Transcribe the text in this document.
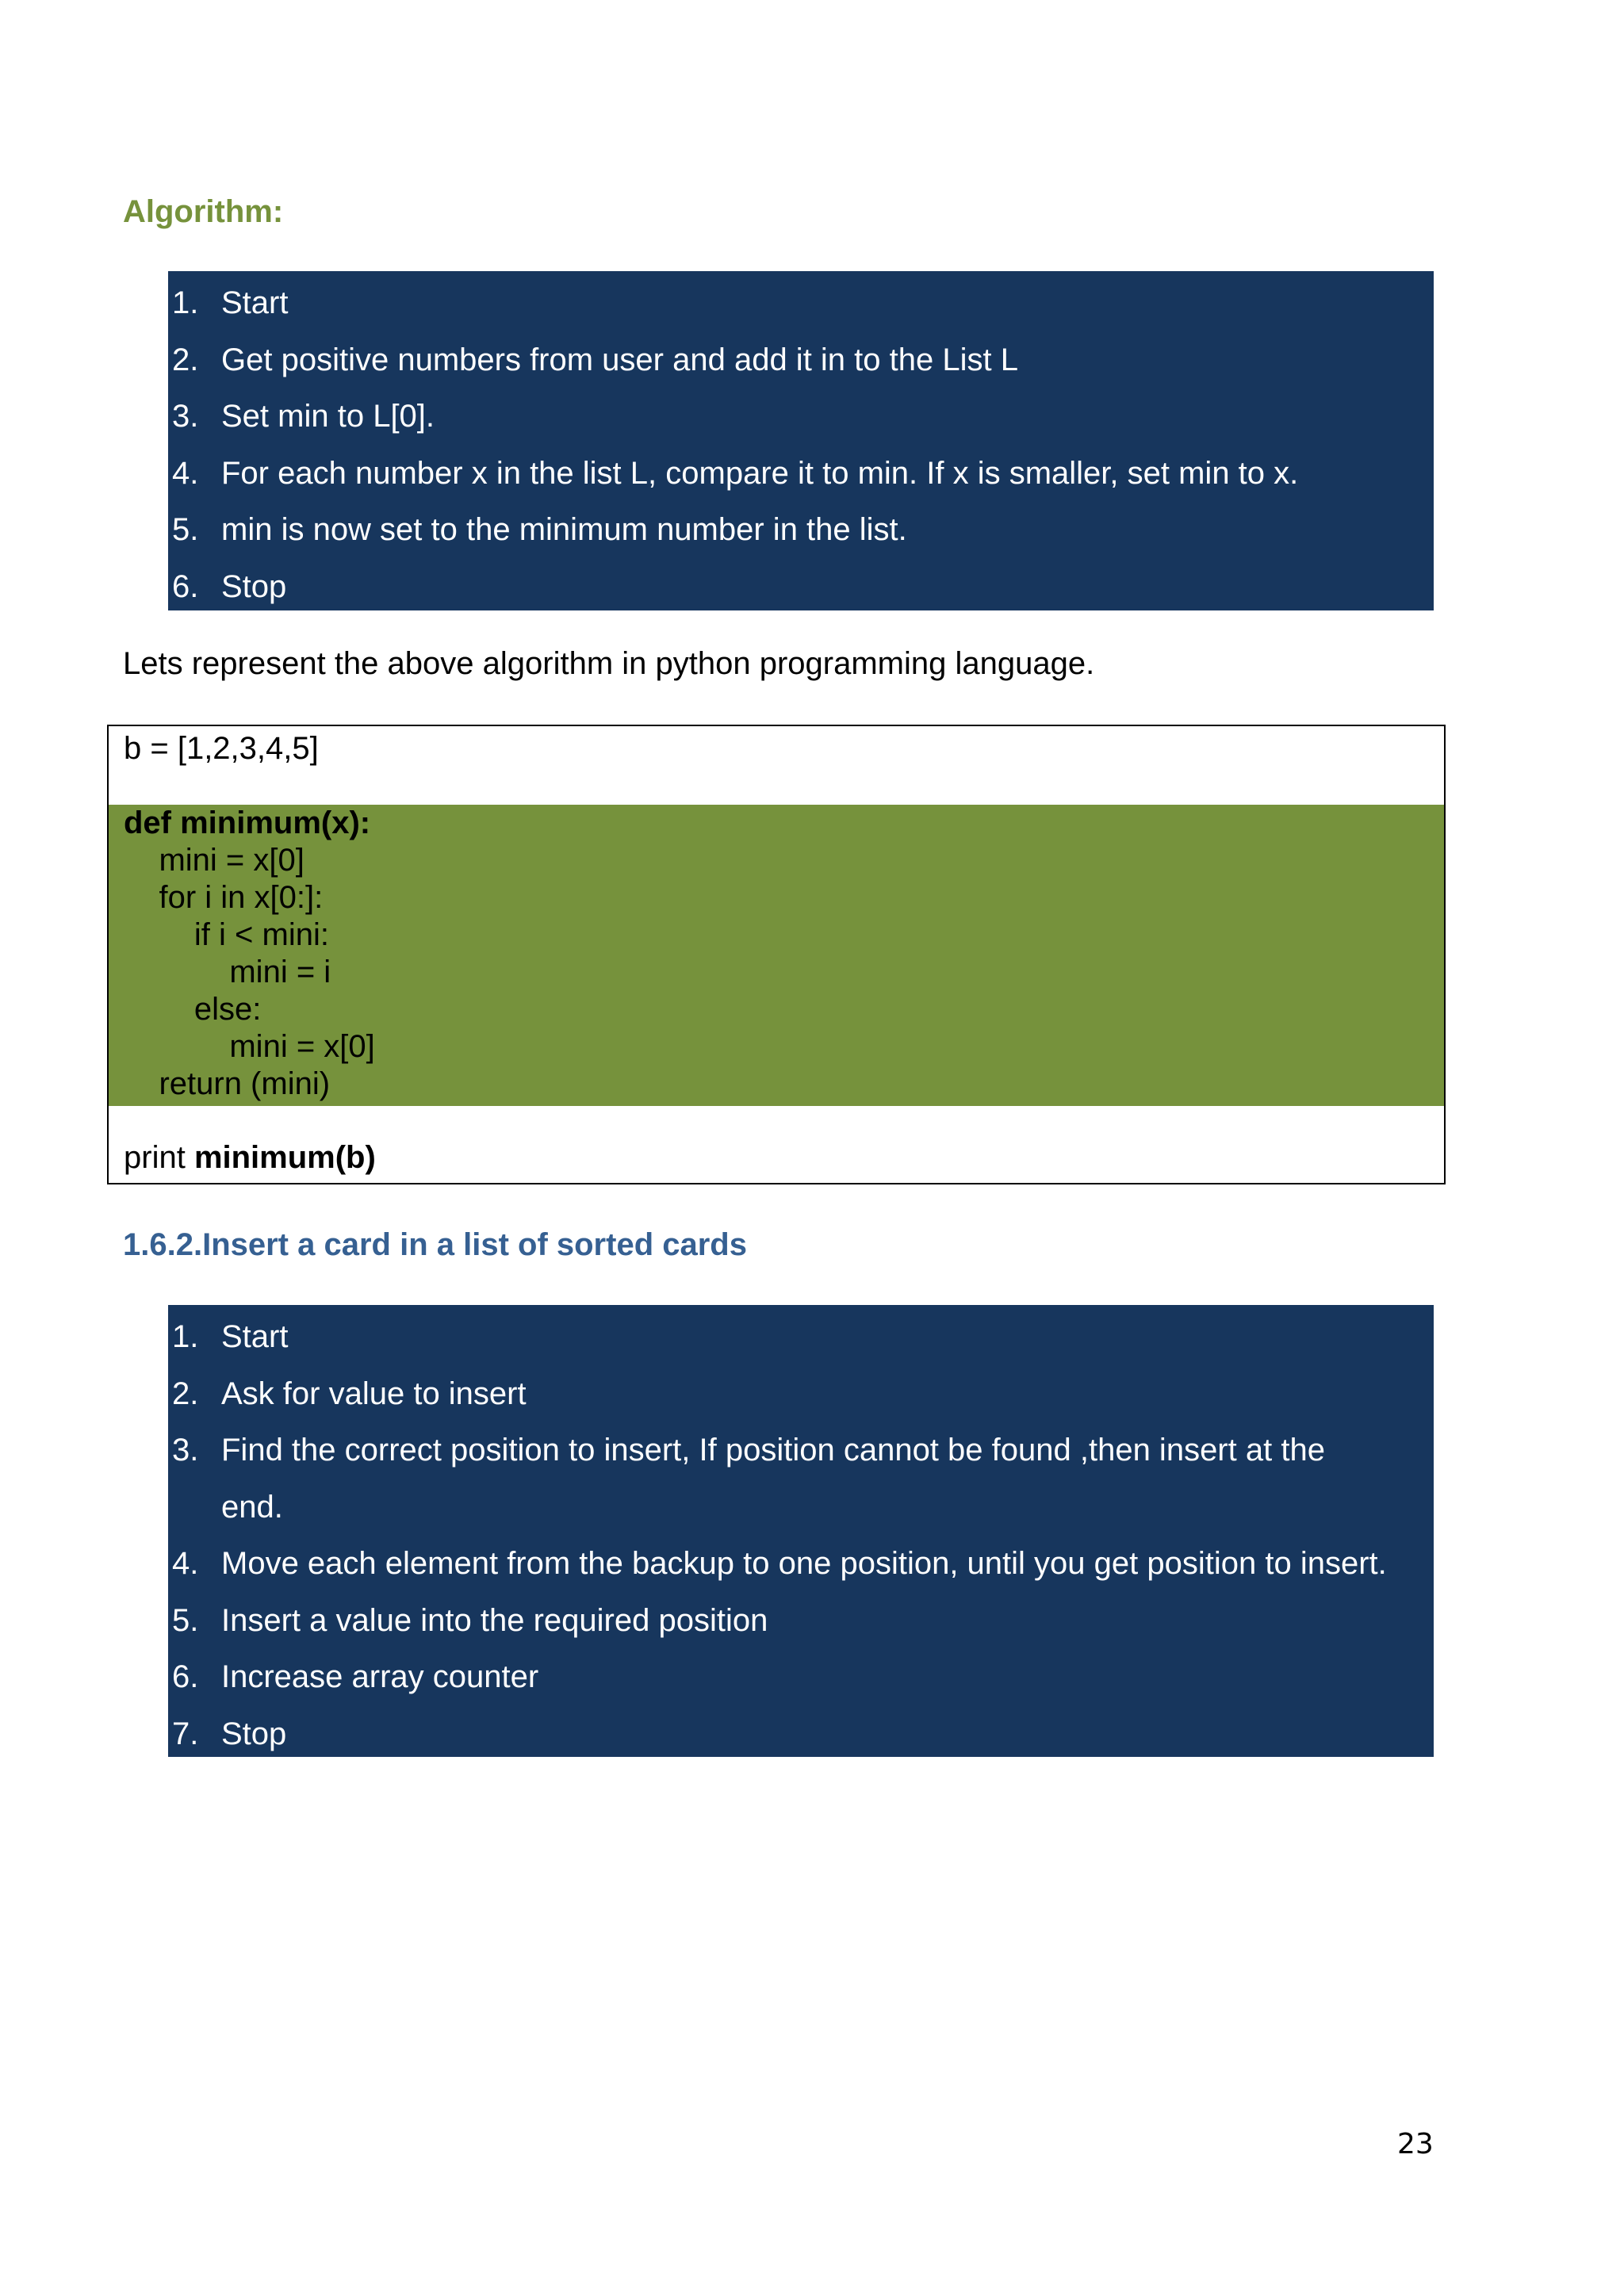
Algorithm:
1. Start
2. Get positive numbers from user and add it in to the List L
3. Set min to L[0].
4. For each number x in the list L, compare it to min. If x is smaller, set min to x.
5. min is now set to the minimum number in the list.
6. Stop
Lets represent the above algorithm in python programming language.
b = [1,2,3,4,5]
def minimum(x):
mini = x[0]
for i in x[0:]:
if i < mini:
mini = i
else:
mini = x[0]
return (mini)
print minimum(b)
1.6.2.Insert a card in a list of sorted cards
1. Start
2. Ask for value to insert
3. Find the correct position to insert, If position cannot be found ,then insert at the end.
4. Move each element from the backup to one position, until you get position to insert.
5. Insert a value into the required position
6. Increase array counter
7. Stop
23
